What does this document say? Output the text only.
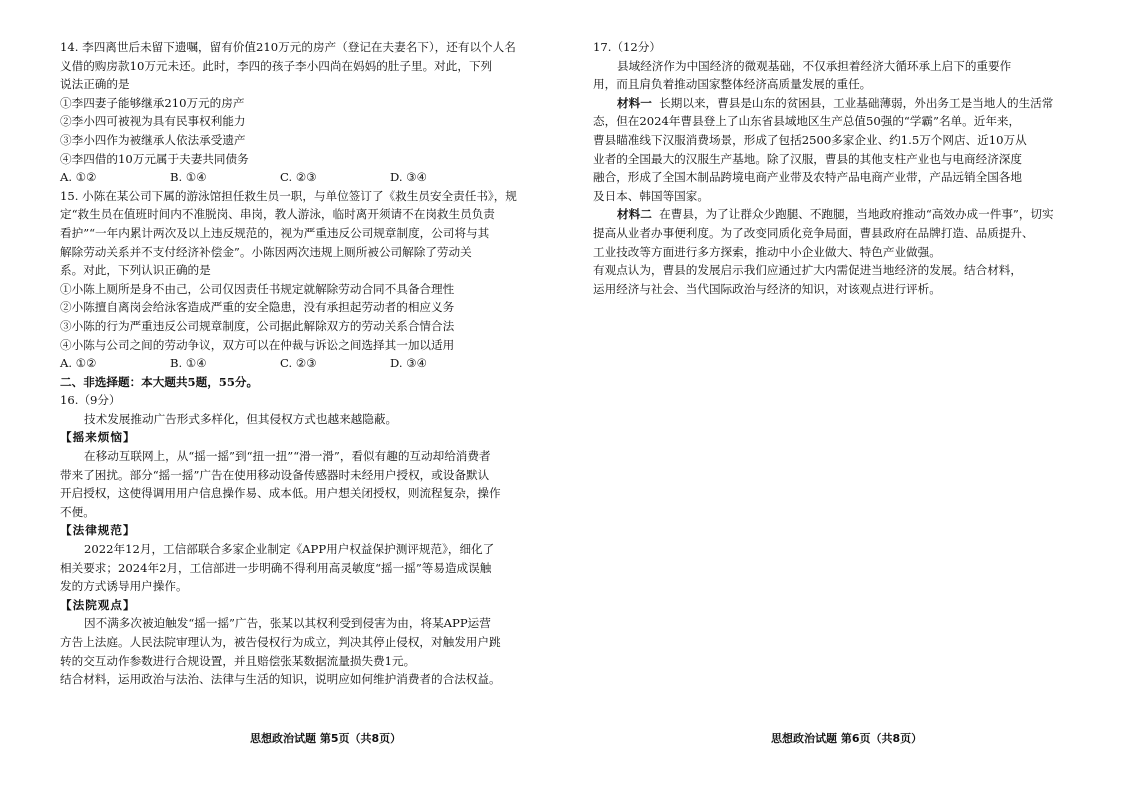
14. 李四离世后未留下遗嘱，留有价值210万元的房产（登记在夫妻名下），还有以个人名
义借的购房款10万元未还。此时，李四的孩子李小四尚在妈妈的肚子里。对此，下列
说法正确的是
①李四妻子能够继承210万元的房产
②李小四可被视为具有民事权利能力
③李小四作为被继承人依法承受遗产
④李四借的10万元属于夫妻共同债务
A. ①②	B. ①④	C. ②③	D. ③④
15. 小陈在某公司下属的游泳馆担任救生员一职，与单位签订了《救生员安全责任书》，规
定“救生员在值班时间内不准脱岗、串岗，教人游泳，临时离开须请不在岗救生员负责
看护”“一年内累计两次及以上违反规范的，视为严重违反公司规章制度，公司将与其
解除劳动关系并不支付经济补偿金”。小陈因两次违规上厕所被公司解除了劳动关
系。对此，下列认识正确的是
①小陈上厕所是身不由己，公司仅因责任书规定就解除劳动合同不具备合理性
②小陈擅自离岗会给泳客造成严重的安全隐患，没有承担起劳动者的相应义务
③小陈的行为严重违反公司规章制度，公司据此解除双方的劳动关系合情合法
④小陈与公司之间的劳动争议，双方可以在仲裁与诉讼之间选择其一加以适用
A. ①②	B. ①④	C. ②③	D. ③④
二、非选择题：本大题共5题，55分。
16.（9分）
技术发展推动广告形式多样化，但其侵权方式也越来越隐蔽。
【摇来烦恼】
在移动互联网上，从“摇一摇”到“扭一扭”“滑一滑”，看似有趣的互动却给消费者
带来了困扰。部分“摇一摇”广告在使用移动设备传感器时未经用户授权，或设备默认
开启授权，这使得调用用户信息操作易、成本低。用户想关闭授权，则流程复杂，操作
不便。
【法律规范】
2022年12月，工信部联合多家企业制定《APP用户权益保护测评规范》，细化了
相关要求；2024年2月，工信部进一步明确不得利用高灵敏度“摇一摇”等易造成误触
发的方式诱导用户操作。
【法院观点】
因不满多次被迫触发“摇一摇”广告，张某以其权利受到侵害为由，将某APP运营
方告上法庭。人民法院审理认为，被告侵权行为成立，判决其停止侵权，对触发用户跳
转的交互动作参数进行合规设置，并且赔偿张某数据流量损失费1元。
结合材料，运用政治与法治、法律与生活的知识，说明应如何维护消费者的合法权益。
思想政治试题 第5页（共8页）
17.（12分）
县域经济作为中国经济的微观基础，不仅承担着经济大循环承上启下的重要作
用，而且肩负着推动国家整体经济高质量发展的重任。
材料一 长期以来，曹县是山东的贫困县，工业基础薄弱，外出务工是当地人的生活常
态，但在2024年曹县登上了山东省县域地区生产总值50强的“学霸”名单。近年来，
曹县瞄准线下汉服消费场景，形成了包括2500多家企业、约1.5万个网店、近10万从
业者的全国最大的汉服生产基地。除了汉服，曹县的其他支柱产业也与电商经济深度
融合，形成了全国木制品跨境电商产业带及农特产品电商产业带，产品远销全国各地
及日本、韩国等国家。
材料二 在曹县，为了让群众少跑腿、不跑腿，当地政府推动“高效办成一件事”，切实
提高从业者办事便利度。为了改变同质化竞争局面，曹县政府在品牌打造、品质提升、
工业技改等方面进行多方探索，推动中小企业做大、特色产业做强。
有观点认为，曹县的发展启示我们应通过扩大内需促进当地经济的发展。结合材料，
运用经济与社会、当代国际政治与经济的知识，对该观点进行评析。
思想政治试题 第6页（共8页）
